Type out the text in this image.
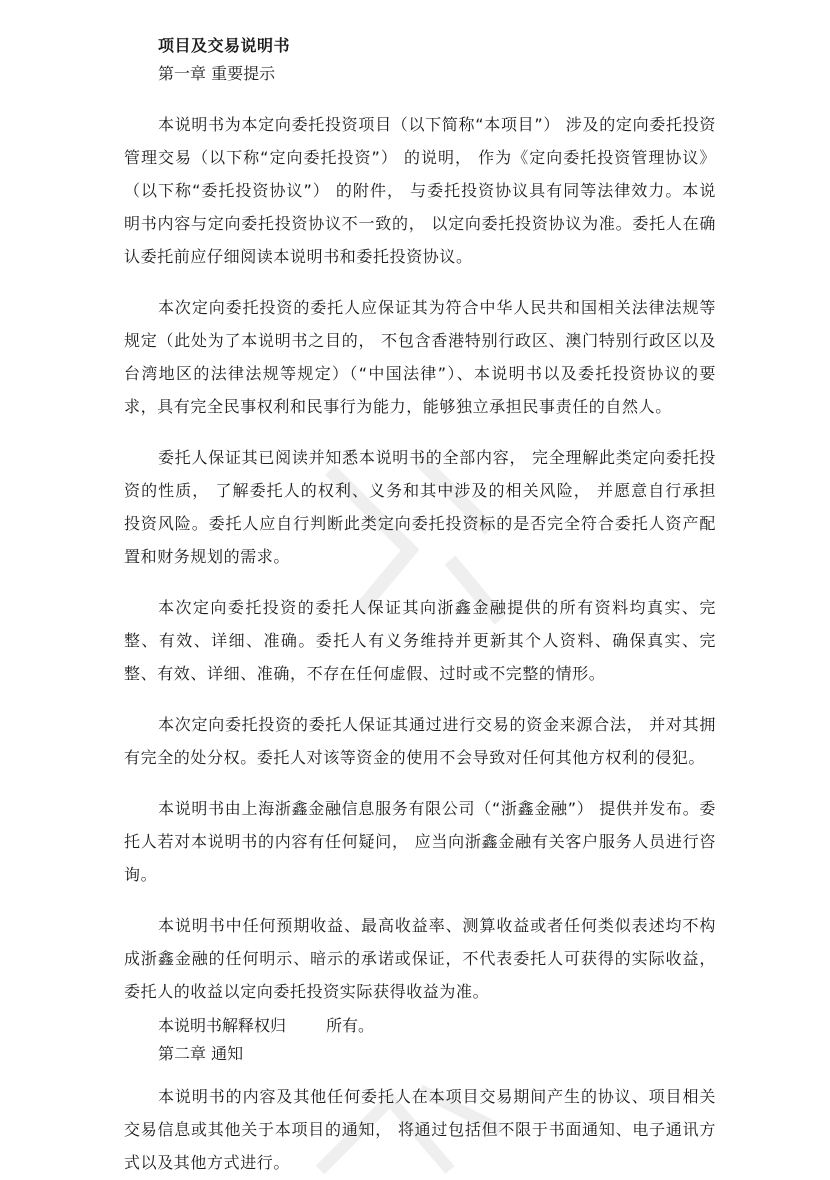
项目及交易说明书
第一章 重要提示

本说明书为本定向委托投资项目（以下简称“本项目”） 涉及的定向委托投资管理交易（以下称“定向委托投资”） 的说明， 作为《定向委托投资管理协议》（以下称“委托投资协议”） 的附件， 与委托投资协议具有同等法律效力。本说明书内容与定向委托投资协议不一致的， 以定向委托投资协议为准。委托人在确认委托前应仔细阅读本说明书和委托投资协议。

本次定向委托投资的委托人应保证其为符合中华人民共和国相关法律法规等规定（此处为了本说明书之目的， 不包含香港特别行政区、澳门特别行政区以及台湾地区的法律法规等规定）（“中国法律”）、本说明书以及委托投资协议的要求，具有完全民事权利和民事行为能力，能够独立承担民事责任的自然人。

委托人保证其已阅读并知悉本说明书的全部内容， 完全理解此类定向委托投资的性质， 了解委托人的权利、义务和其中涉及的相关风险， 并愿意自行承担投资风险。委托人应自行判断此类定向委托投资标的是否完全符合委托人资产配置和财务规划的需求。

本次定向委托投资的委托人保证其向浙鑫金融提供的所有资料均真实、完整、有效、详细、准确。委托人有义务维持并更新其个人资料、确保真实、完整、有效、详细、准确，不存在任何虚假、过时或不完整的情形。

本次定向委托投资的委托人保证其通过进行交易的资金来源合法， 并对其拥有完全的处分权。委托人对该等资金的使用不会导致对任何其他方权利的侵犯。

本说明书由上海浙鑫金融信息服务有限公司（“浙鑫金融”） 提供并发布。委托人若对本说明书的内容有任何疑问， 应当向浙鑫金融有关客户服务人员进行咨询。

本说明书中任何预期收益、最高收益率、测算收益或者任何类似表述均不构成浙鑫金融的任何明示、暗示的承诺或保证，不代表委托人可获得的实际收益，委托人的收益以定向委托投资实际获得收益为准。

本说明书解释权归	所有。
第二章 通知

本说明书的内容及其他任何委托人在本项目交易期间产生的协议、项目相关交易信息或其他关于本项目的通知， 将通过包括但不限于书面通知、电子通讯方式以及其他方式进行。
